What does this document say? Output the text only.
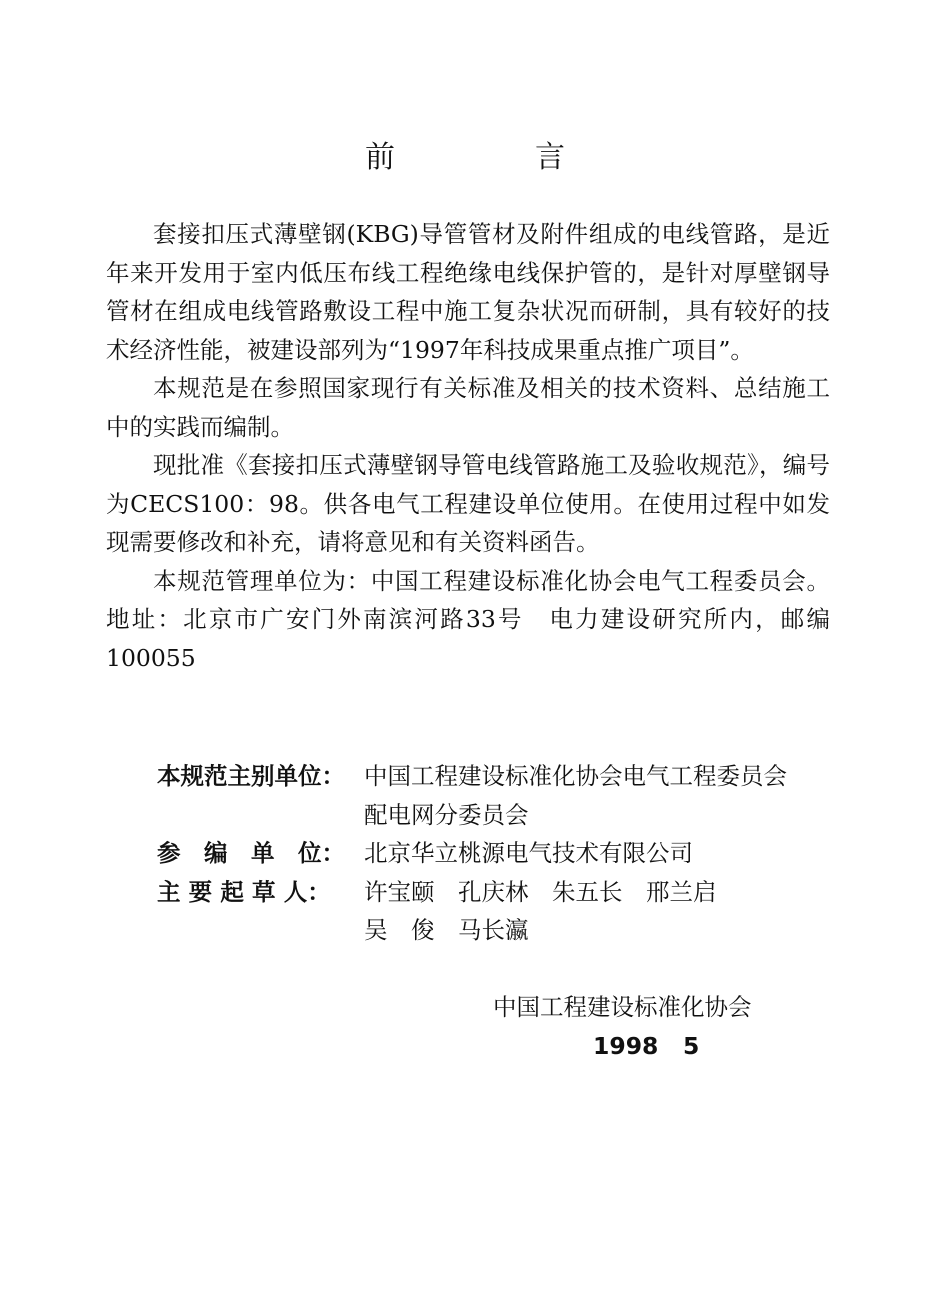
前	言

套接扣压式薄壁钢(KBG)导管管材及附件组成的电线管路，是近年来开发用于室内低压布线工程绝缘电线保护管的，是针对厚壁钢导管材在组成电线管路敷设工程中施工复杂状况而研制，具有较好的技术经济性能，被建设部列为“1997年科技成果重点推广项目”。

本规范是在参照国家现行有关标准及相关的技术资料、总结施工中的实践而编制。

现批准《套接扣压式薄壁钢导管电线管路施工及验收规范》，编号为CECS100：98。供各电气工程建设单位使用。在使用过程中如发现需要修改和补充，请将意见和有关资料函告。

本规范管理单位为：中国工程建设标准化协会电气工程委员会。地址：北京市广安门外南滨河路33号　电力建设研究所内，邮编100055

本规范主别单位： 中国工程建设标准化协会电气工程委员会
配电网分委员会
参　编　单　位： 北京华立桃源电气技术有限公司
主 要 起 草 人：	许宝颐　孔庆林　朱五长　邢兰启
吴　俊　马长瀛
中国工程建设标准化协会
1998   5
